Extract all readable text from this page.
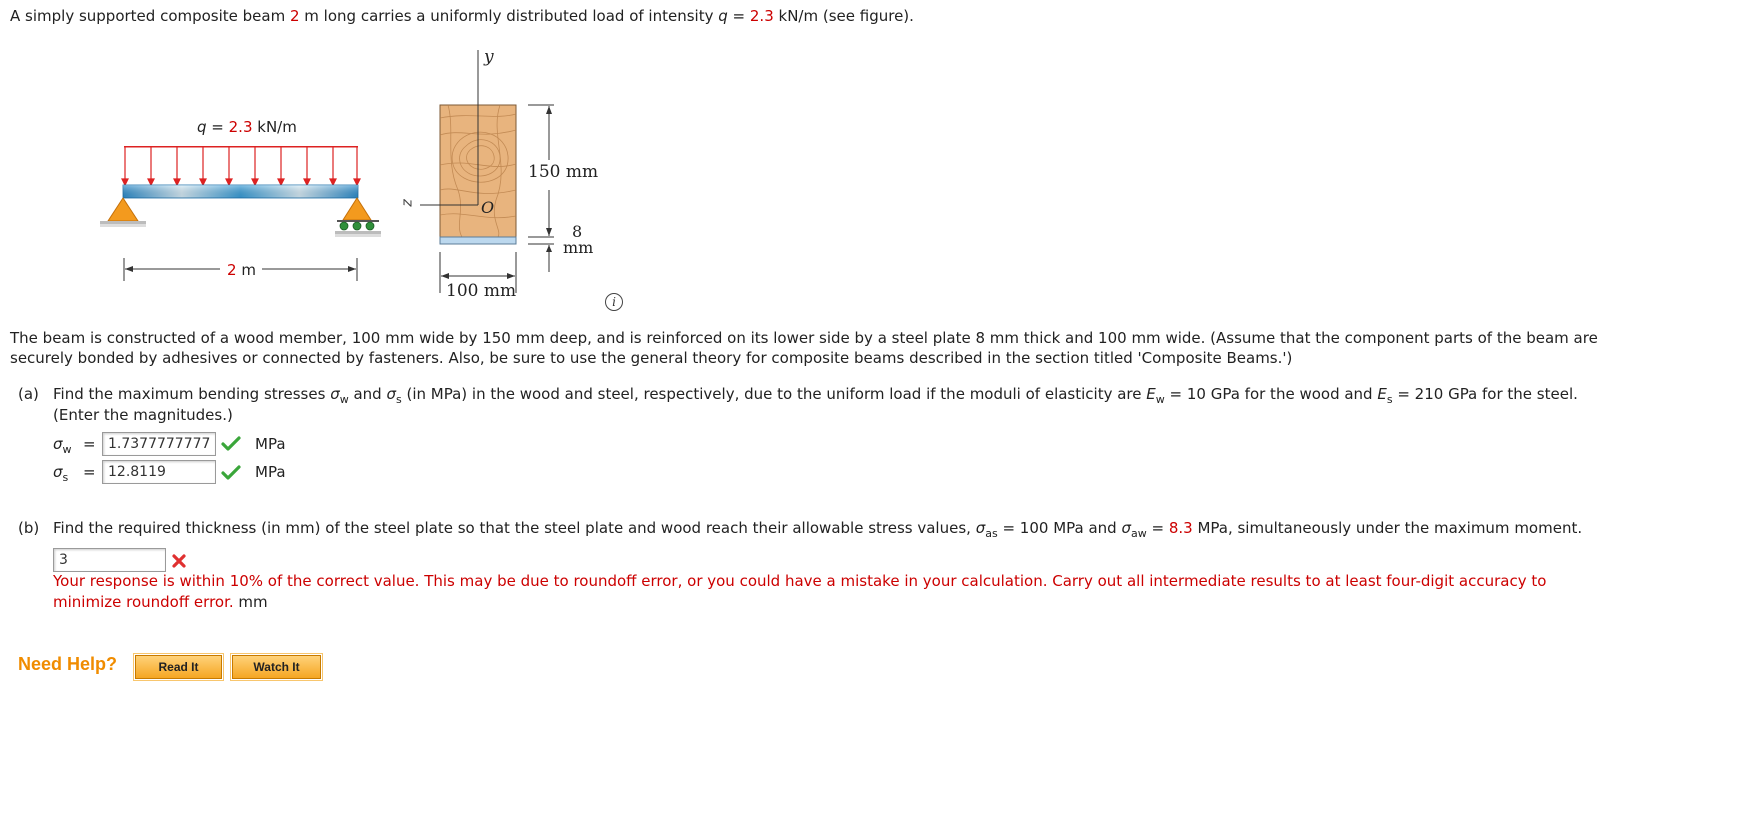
A simply supported composite beam 2 m long carries a uniformly distributed load of intensity q = 2.3 kN/m (see figure).
q = 2.3 kN/m
2 m
y
z	O
150 mm
8
mm
100 mm
i
The beam is constructed of a wood member, 100 mm wide by 150 mm deep, and is reinforced on its lower side by a steel plate 8 mm thick and 100 mm wide. (Assume that the component parts of the beam are
securely bonded by adhesives or connected by fasteners. Also, be sure to use the general theory for composite beams described in the section titled 'Composite Beams.')
(a) Find the maximum bending stresses $\sigma_w$ and $\sigma_s$ (in MPa) in the wood and steel, respectively, due to the uniform load if the moduli of elasticity are $E_w = 10$ GPa for the wood and $E_s = 210$ GPa for the steel.
(Enter the magnitudes.)
$\sigma_w$ =
1.7377777777	MPa
$\sigma_s$ =
12.8119	MPa
(b) Find the required thickness (in mm) of the steel plate so that the steel plate and wood reach their allowable stress values, $\sigma_{as} = 100$ MPa and $\sigma_{aw} = 8.3$ MPa, simultaneously under the maximum moment.
3
Your response is within 10% of the correct value. This may be due to roundoff error, or you could have a mistake in your calculation. Carry out all intermediate results to at least four-digit accuracy to
minimize roundoff error. mm
Need Help?	Read It	Watch It
